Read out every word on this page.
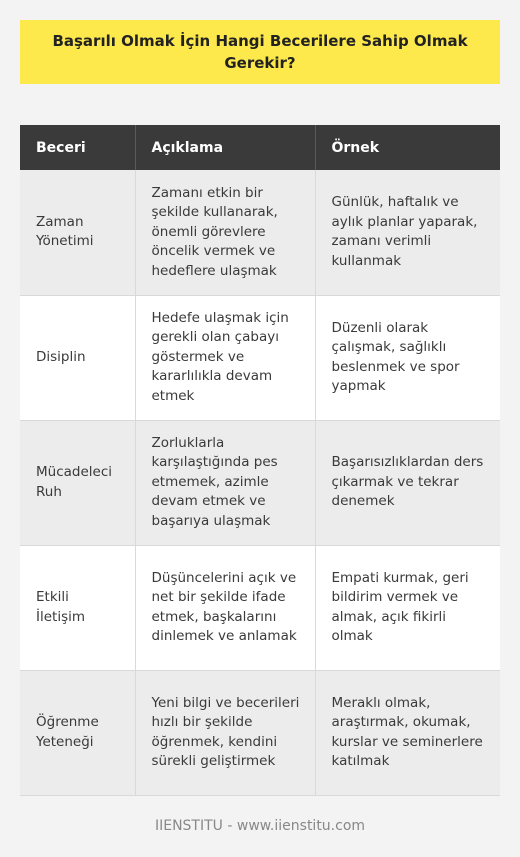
Başarılı Olmak İçin Hangi Becerilere Sahip Olmak Gerekir?
Beceri	Açıklama	Örnek
Zaman Yönetimi	Zamanı etkin bir şekilde kullanarak, önemli görevlere öncelik vermek ve hedeflere ulaşmak	Günlük, haftalık ve aylık planlar yaparak, zamanı verimli kullanmak
Disiplin	Hedefe ulaşmak için gerekli olan çabayı göstermek ve kararlılıkla devam etmek	Düzenli olarak çalışmak, sağlıklı beslenmek ve spor yapmak
Mücadeleci Ruh	Zorluklarla karşılaştığında pes etmemek, azimle devam etmek ve başarıya ulaşmak	Başarısızlıklardan ders çıkarmak ve tekrar denemek
Etkili İletişim	Düşüncelerini açık ve net bir şekilde ifade etmek, başkalarını dinlemek ve anlamak	Empati kurmak, geri bildirim vermek ve almak, açık fikirli olmak
Öğrenme Yeteneği	Yeni bilgi ve becerileri hızlı bir şekilde öğrenmek, kendini sürekli geliştirmek	Meraklı olmak, araştırmak, okumak, kurslar ve seminerlere katılmak
IIENSTITU - www.iienstitu.com
